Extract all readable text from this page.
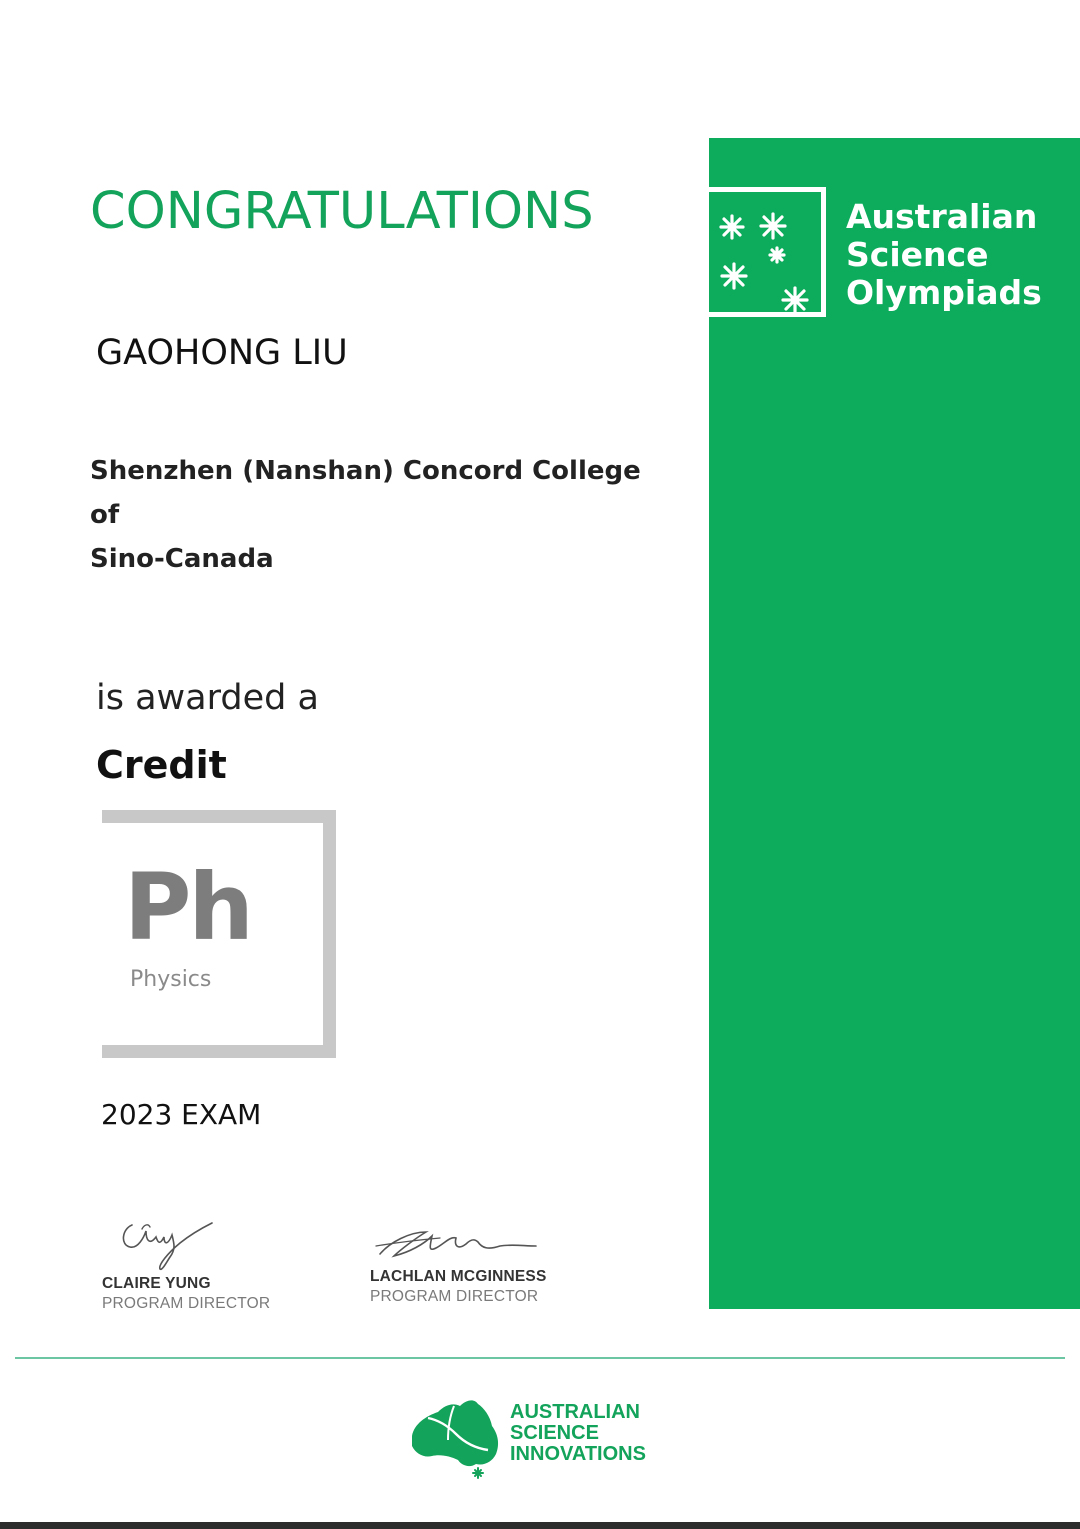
CONGRATULATIONS
GAOHONG LIU
Shenzhen (Nanshan) Concord College of
Sino-Canada
is awarded a
Credit
Ph
Physics
2023 EXAM
CLAIRE YUNG
PROGRAM DIRECTOR
LACHLAN MCGINNESS
PROGRAM DIRECTOR
Australian
Science
Olympiads
AUSTRALIAN
SCIENCE
INNOVATIONS
